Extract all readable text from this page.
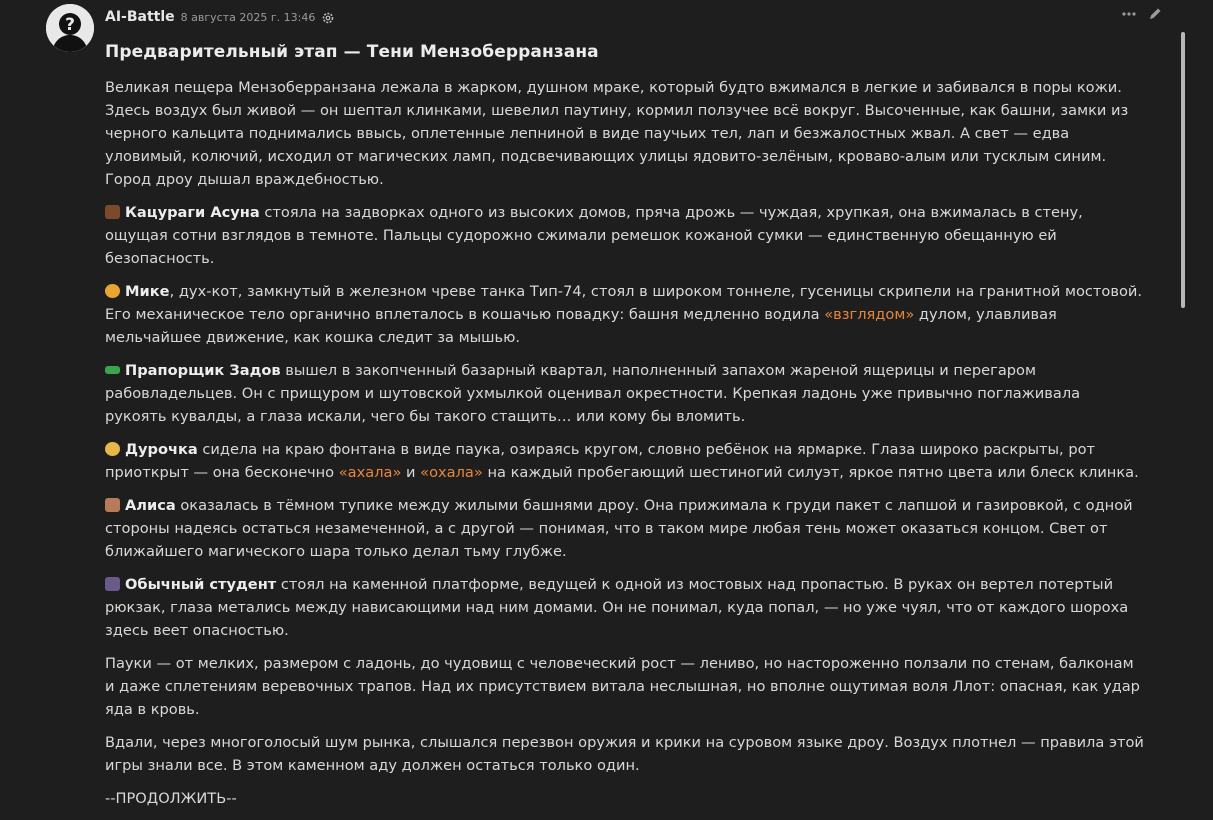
? AI-Battle 8 августа 2025 г. 13:46
Предварительный этап — Тени Мензоберранзана

Великая пещера Мензоберранзана лежала в жарком, душном мраке, который будто вжимался в легкие и забивался в поры кожи. Здесь воздух был живой — он шептал клинками, шевелил паутину, кормил ползучее всё вокруг. Высоченные, как башни, замки из черного кальцита поднимались ввысь, оплетенные лепниной в виде паучьих тел, лап и безжалостных жвал. А свет — едва уловимый, колючий, исходил от магических ламп, подсвечивающих улицы ядовито-зелёным, кроваво-алым или тусклым синим. Город дроу дышал враждебностью.

Кацураги Асуна стояла на задворках одного из высоких домов, пряча дрожь — чуждая, хрупкая, она вжималась в стену, ощущая сотни взглядов в темноте. Пальцы судорожно сжимали ремешок кожаной сумки — единственную обещанную ей безопасность.

Мике, дух-кот, замкнутый в железном чреве танка Тип-74, стоял в широком тоннеле, гусеницы скрипели на гранитной мостовой. Его механическое тело органично вплеталось в кошачью повадку: башня медленно водила «взглядом» дулом, улавливая мельчайшее движение, как кошка следит за мышью.

Прапорщик Задов вышел в закопченный базарный квартал, наполненный запахом жареной ящерицы и перегаром рабовладельцев. Он с прищуром и шутовской ухмылкой оценивал окрестности. Крепкая ладонь уже привычно поглаживала рукоять кувалды, а глаза искали, чего бы такого стащить… или кому бы вломить.

Дурочка сидела на краю фонтана в виде паука, озираясь кругом, словно ребёнок на ярмарке. Глаза широко раскрыты, рот приоткрыт — она бесконечно «ахала» и «охала» на каждый пробегающий шестиногий силуэт, яркое пятно цвета или блеск клинка.

Алиса оказалась в тёмном тупике между жилыми башнями дроу. Она прижимала к груди пакет с лапшой и газировкой, с одной стороны надеясь остаться незамеченной, а с другой — понимая, что в таком мире любая тень может оказаться концом. Свет от ближайшего магического шара только делал тьму глубже.

Обычный студент стоял на каменной платформе, ведущей к одной из мостовых над пропастью. В руках он вертел потертый рюкзак, глаза метались между нависающими над ним домами. Он не понимал, куда попал, — но уже чуял, что от каждого шороха здесь веет опасностью.

Пауки — от мелких, размером с ладонь, до чудовищ с человеческий рост — лениво, но настороженно ползали по стенам, балконам и даже сплетениям веревочных трапов. Над их присутствием витала неслышная, но вполне ощутимая воля Ллот: опасная, как удар яда в кровь.

Вдали, через многоголосый шум рынка, слышался перезвон оружия и крики на суровом языке дроу. Воздух плотнел — правила этой игры знали все. В этом каменном аду должен остаться только один.

--ПРОДОЛЖИТЬ--
